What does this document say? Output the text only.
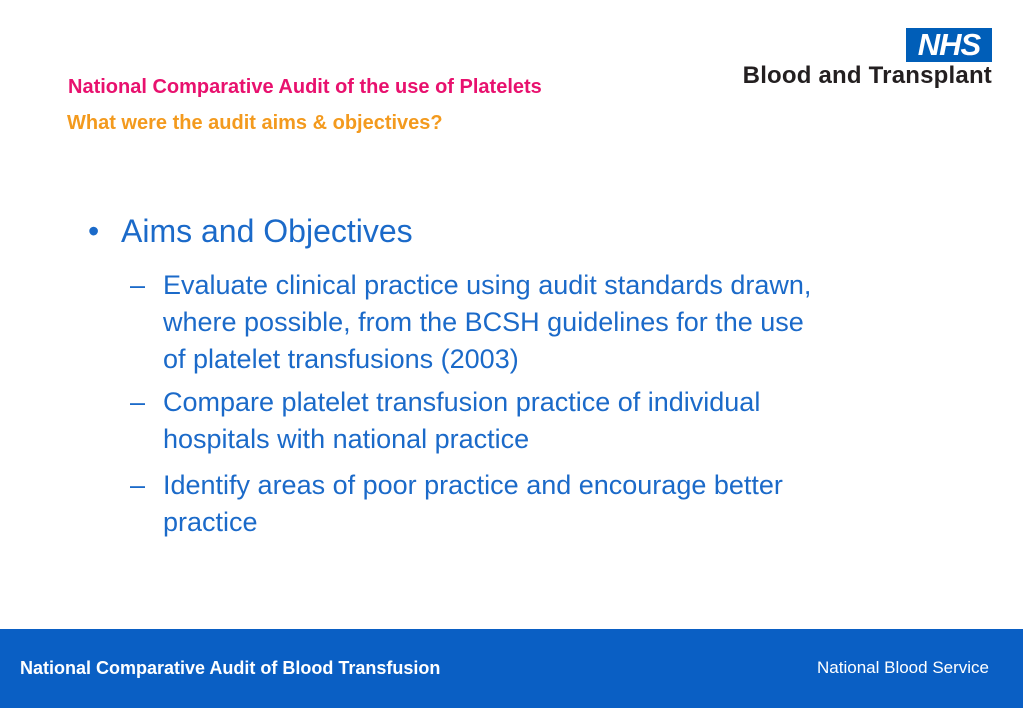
National Comparative Audit of the use of Platelets
What were the audit aims & objectives?
NHS
Blood and Transplant
• Aims and Objectives
– Evaluate clinical practice using audit standards drawn,
where possible, from the BCSH guidelines for the use
of platelet transfusions (2003)
– Compare platelet transfusion practice of individual
hospitals with national practice
– Identify areas of poor practice and encourage better
practice
National Comparative Audit of Blood Transfusion	National Blood Service
